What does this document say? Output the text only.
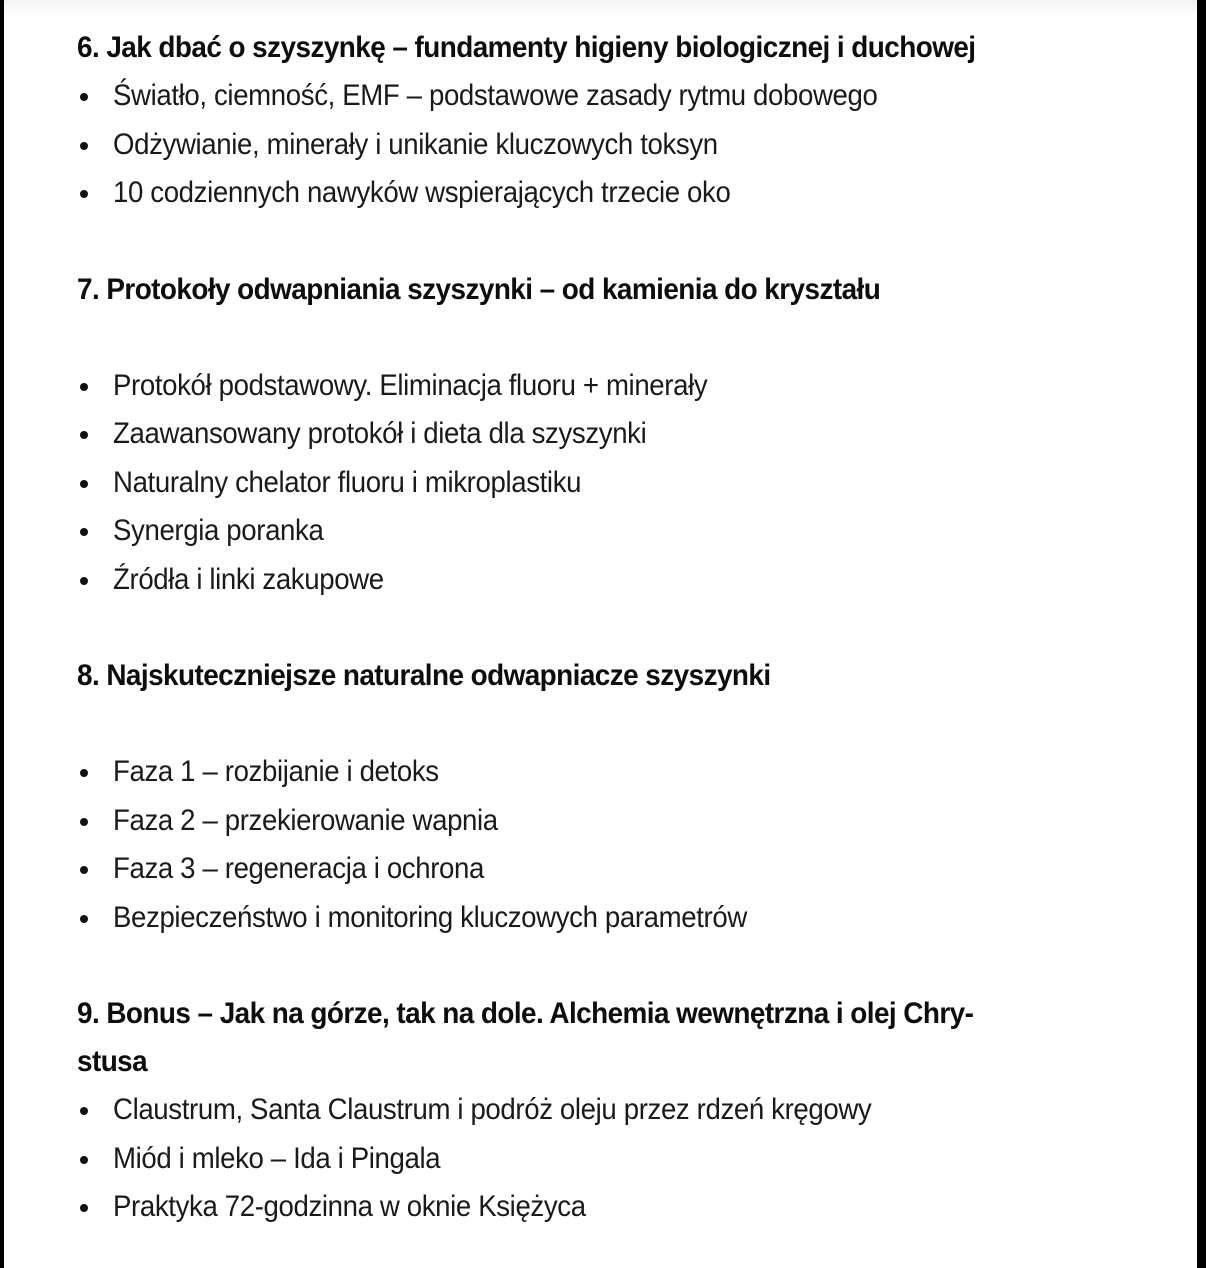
6. Jak dbać o szyszynkę – fundamenty higieny biologicznej i duchowej
Światło, ciemność, EMF – podstawowe zasady rytmu dobowego
Odżywianie, minerały i unikanie kluczowych toksyn
10 codziennych nawyków wspierających trzecie oko
7. Protokoły odwapniania szyszynki – od kamienia do kryształu
Protokół podstawowy. Eliminacja fluoru + minerały
Zaawansowany protokół i dieta dla szyszynki
Naturalny chelator fluoru i mikroplastiku
Synergia poranka
Źródła i linki zakupowe
8. Najskuteczniejsze naturalne odwapniacze szyszynki
Faza 1 – rozbijanie i detoks
Faza 2 – przekierowanie wapnia
Faza 3 – regeneracja i ochrona
Bezpieczeństwo i monitoring kluczowych parametrów
9. Bonus – Jak na górze, tak na dole. Alchemia wewnętrzna i olej Chry-
stusa
Claustrum, Santa Claustrum i podróż oleju przez rdzeń kręgowy
Miód i mleko – Ida i Pingala
Praktyka 72-godzinna w oknie Księżyca
